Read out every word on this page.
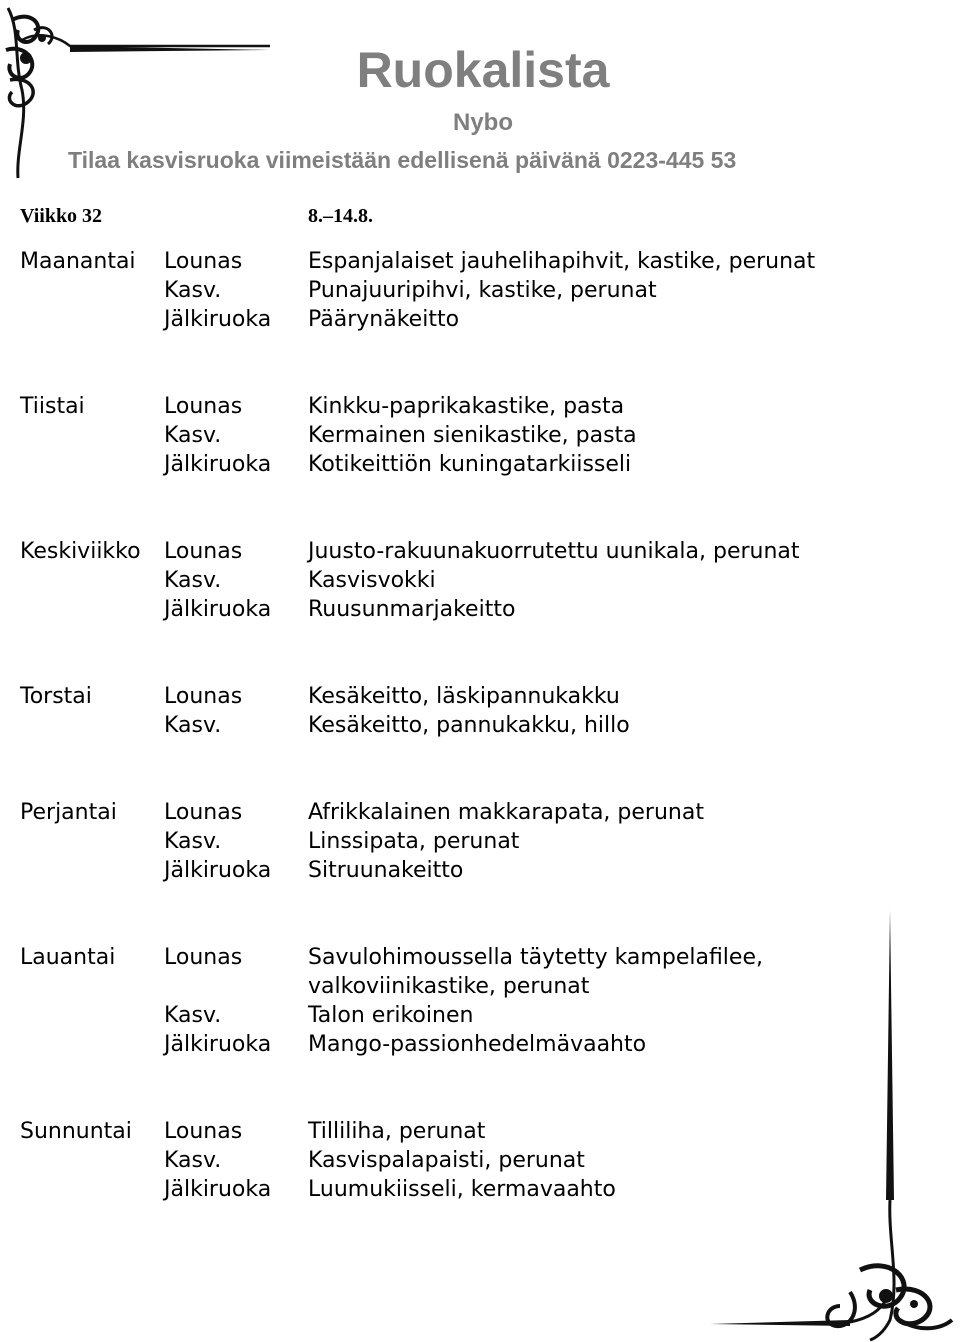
Ruokalista
Nybo
Tilaa kasvisruoka viimeistään edellisenä päivänä 0223-445 53
Viikko 32	8.–14.8.
Maanantai	Lounas	Espanjalaiset jauhelihapihvit, kastike, perunat
Kasv.	Punajuuripihvi, kastike, perunat
Jälkiruoka	Päärynäkeitto
Tiistai	Lounas	Kinkku-paprikakastike, pasta
Kasv.	Kermainen sienikastike, pasta
Jälkiruoka	Kotikeittiön kuningatarkiisseli
Keskiviikko	Lounas	Juusto-rakuunakuorrutettu uunikala, perunat
Kasv.	Kasvisvokki
Jälkiruoka	Ruusunmarjakeitto
Torstai	Lounas	Kesäkeitto, läskipannukakku
Kasv.	Kesäkeitto, pannukakku, hillo
Perjantai	Lounas	Afrikkalainen makkarapata, perunat
Kasv.	Linssipata, perunat
Jälkiruoka	Sitruunakeitto
Lauantai	Lounas	Savulohimoussella täytetty kampelafilee,
valkoviinikastike, perunat
Kasv.	Talon erikoinen
Jälkiruoka	Mango-passionhedelmävaahto
Sunnuntai	Lounas	Tilliliha, perunat
Kasv.	Kasvispalapaisti, perunat
Jälkiruoka	Luumukiisseli, kermavaahto
